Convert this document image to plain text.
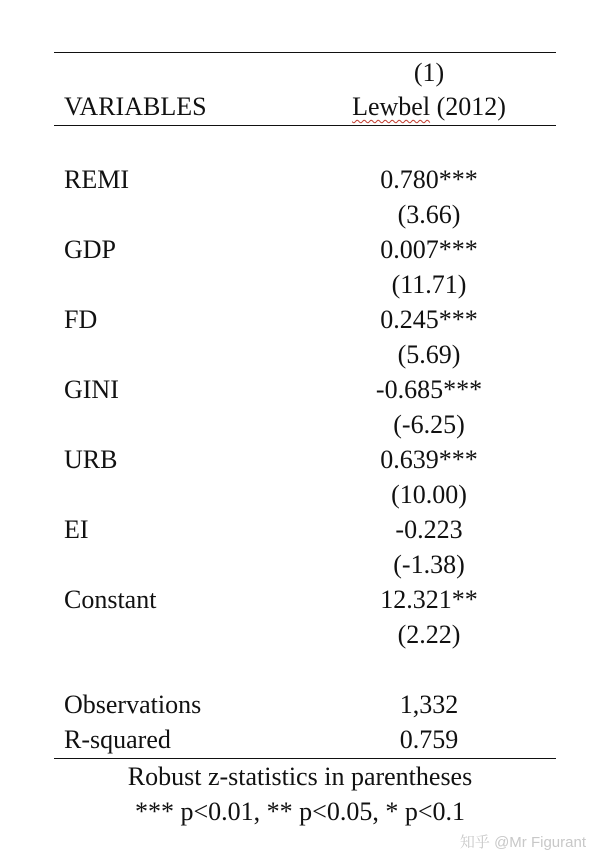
(1)
VARIABLES	Lewbel (2012)
REMI	0.780***
(3.66)
GDP	0.007***
(11.71)
FD	0.245***
(5.69)
GINI	-0.685***
(-6.25)
URB	0.639***
(10.00)
EI	-0.223
(-1.38)
Constant	12.321**
(2.22)
Observations	1,332
R-squared	0.759
Robust z-statistics in parentheses
*** p<0.01, ** p<0.05, * p<0.1
知乎 @Mr Figurant
